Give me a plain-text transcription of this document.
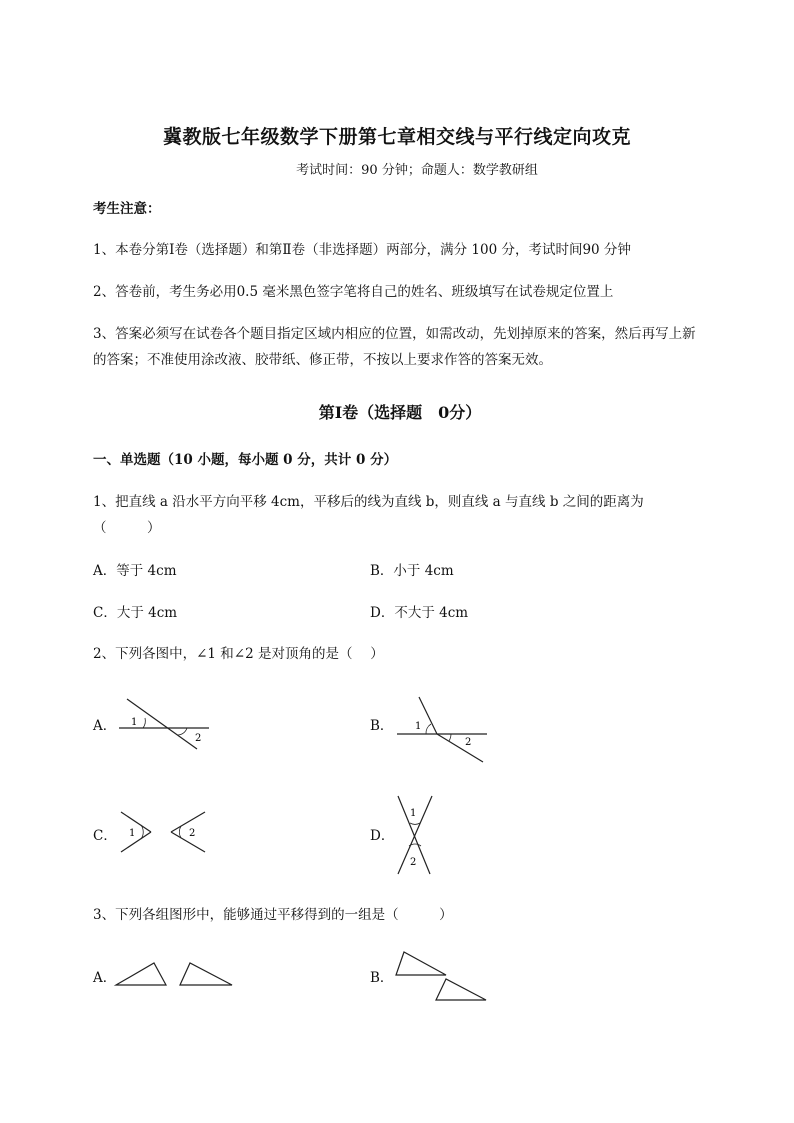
冀教版七年级数学下册第七章相交线与平行线定向攻克
考试时间：90 分钟；命题人：数学教研组
考生注意：
1、本卷分第Ⅰ卷（选择题）和第Ⅱ卷（非选择题）两部分，满分 100 分，考试时间90 分钟
2、答卷前，考生务必用0.5 毫米黑色签字笔将自己的姓名、班级填写在试卷规定位置上
3、答案必须写在试卷各个题目指定区域内相应的位置，如需改动，先划掉原来的答案，然后再写上新
的答案；不准使用涂改液、胶带纸、修正带，不按以上要求作答的答案无效。
第Ⅰ卷（选择题　0分）
一、单选题（10 小题，每小题 0 分，共计 0 分）
1、把直线 a 沿水平方向平移 4cm，平移后的线为直线 b，则直线 a 与直线 b 之间的距离为
（　　　）
A．等于 4cm	B．小于 4cm
C．大于 4cm	D．不大于 4cm
2、下列各图中，∠1 和∠2 是对顶角的是（　 ）
A． 1
2
B． 1
2
C． 1	2	D．
1
2
3、下列各组图形中，能够通过平移得到的一组是（　　　）
A．	B．
